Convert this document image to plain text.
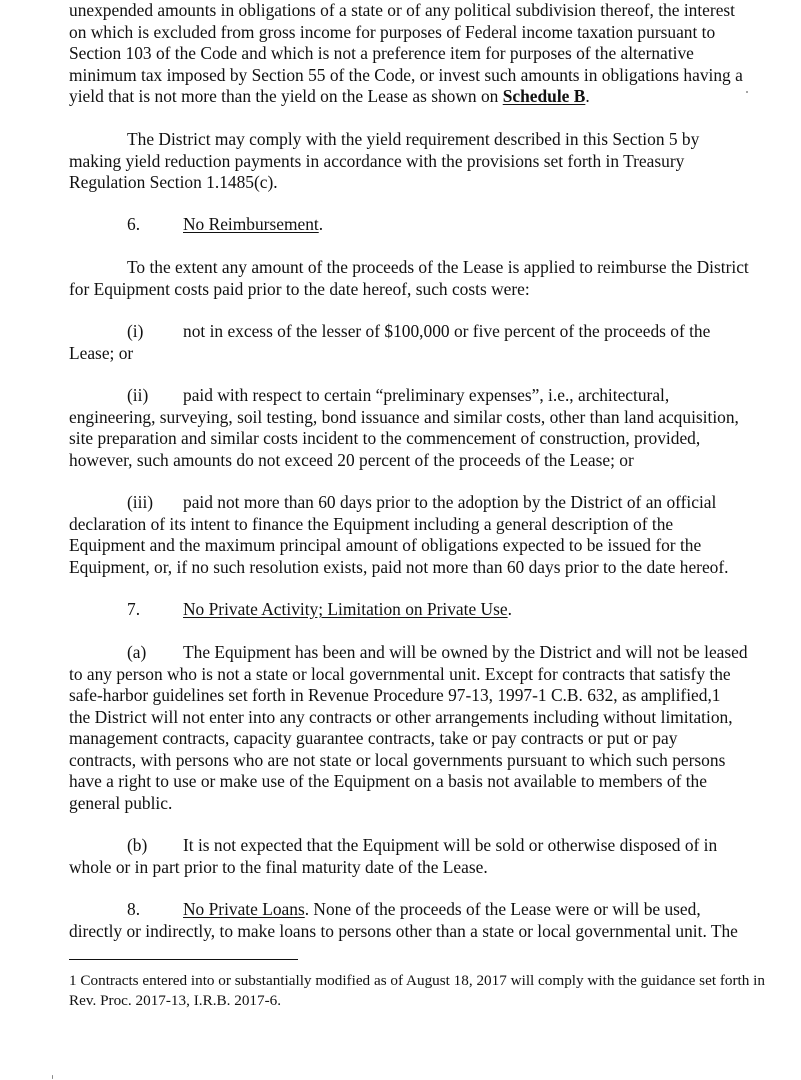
unexpended amounts in obligations of a state or of any political subdivision thereof, the interest
on which is excluded from gross income for purposes of Federal income taxation pursuant to
Section 103 of the Code and which is not a preference item for purposes of the alternative
minimum tax imposed by Section 55 of the Code, or invest such amounts in obligations having a
yield that is not more than the yield on the Lease as shown on Schedule B.
The District may comply with the yield requirement described in this Section 5 by
making yield reduction payments in accordance with the provisions set forth in Treasury
Regulation Section 1.1485(c).
6. No Reimbursement.
To the extent any amount of the proceeds of the Lease is applied to reimburse the District
for Equipment costs paid prior to the date hereof, such costs were:
(i) not in excess of the lesser of $100,000 or five percent of the proceeds of the
Lease; or
(ii) paid with respect to certain “preliminary expenses”, i.e., architectural,
engineering, surveying, soil testing, bond issuance and similar costs, other than land acquisition,
site preparation and similar costs incident to the commencement of construction, provided,
however, such amounts do not exceed 20 percent of the proceeds of the Lease; or
(iii) paid not more than 60 days prior to the adoption by the District of an official
declaration of its intent to finance the Equipment including a general description of the
Equipment and the maximum principal amount of obligations expected to be issued for the
Equipment, or, if no such resolution exists, paid not more than 60 days prior to the date hereof.
7. No Private Activity; Limitation on Private Use.
(a) The Equipment has been and will be owned by the District and will not be leased
to any person who is not a state or local governmental unit. Except for contracts that satisfy the
safe-harbor guidelines set forth in Revenue Procedure 97-13, 1997-1 C.B. 632, as amplified,1
the District will not enter into any contracts or other arrangements including without limitation,
management contracts, capacity guarantee contracts, take or pay contracts or put or pay
contracts, with persons who are not state or local governments pursuant to which such persons
have a right to use or make use of the Equipment on a basis not available to members of the
general public.
(b) It is not expected that the Equipment will be sold or otherwise disposed of in
whole or in part prior to the final maturity date of the Lease.
8. No Private Loans. None of the proceeds of the Lease were or will be used,
directly or indirectly, to make loans to persons other than a state or local governmental unit. The
1 Contracts entered into or substantially modified as of August 18, 2017 will comply with the guidance set forth in
Rev. Proc. 2017-13, I.R.B. 2017-6.
